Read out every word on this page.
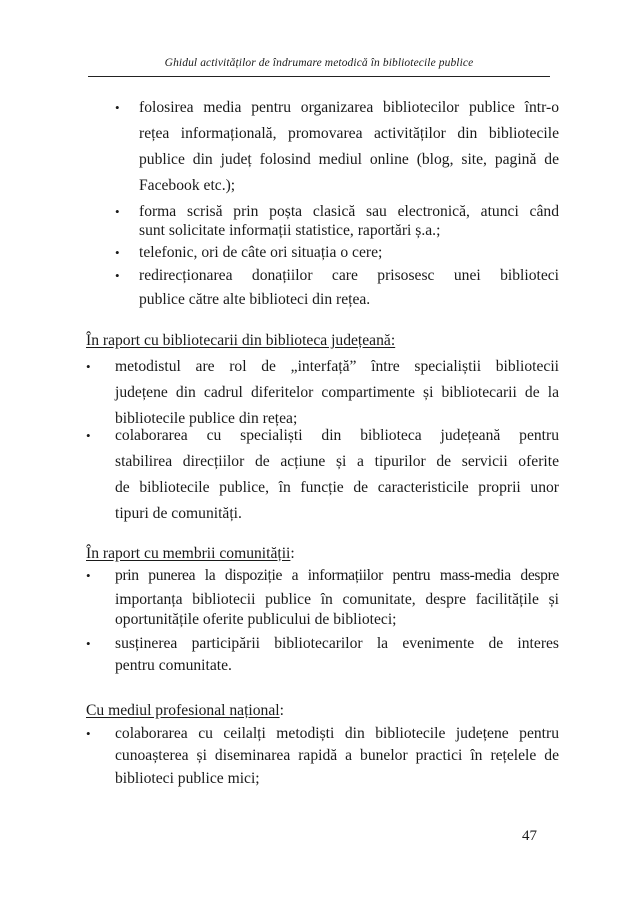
Ghidul activităților de îndrumare metodică în bibliotecile publice
• folosirea media pentru organizarea bibliotecilor publice într-o
rețea informațională, promovarea activităților din bibliotecile
publice din județ folosind mediul online (blog, site, pagină de
Facebook etc.);
• forma scrisă prin poșta clasică sau electronică, atunci când
sunt solicitate informații statistice, raportări ș.a.;
• telefonic, ori de câte ori situația o cere;
• redirecționarea donațiilor care prisosesc unei biblioteci
publice către alte biblioteci din rețea.
În raport cu bibliotecarii din biblioteca județeană:
• metodistul are rol de „interfață” între specialiștii bibliotecii
județene din cadrul diferitelor compartimente și bibliotecarii de la
bibliotecile publice din rețea;
• colaborarea cu specialiști din biblioteca județeană pentru
stabilirea direcțiilor de acțiune și a tipurilor de servicii oferite
de bibliotecile publice, în funcție de caracteristicile proprii unor
tipuri de comunități.
În raport cu membrii comunității:
• prin punerea la dispoziție a informațiilor pentru mass-media despre
importanța bibliotecii publice în comunitate, despre facilitățile și
oportunitățile oferite publicului de biblioteci;
• susținerea participării bibliotecarilor la evenimente de interes
pentru comunitate.
Cu mediul profesional național:
• colaborarea cu ceilalți metodiști din bibliotecile județene pentru
cunoașterea și diseminarea rapidă a bunelor practici în rețelele de
biblioteci publice mici;
47
